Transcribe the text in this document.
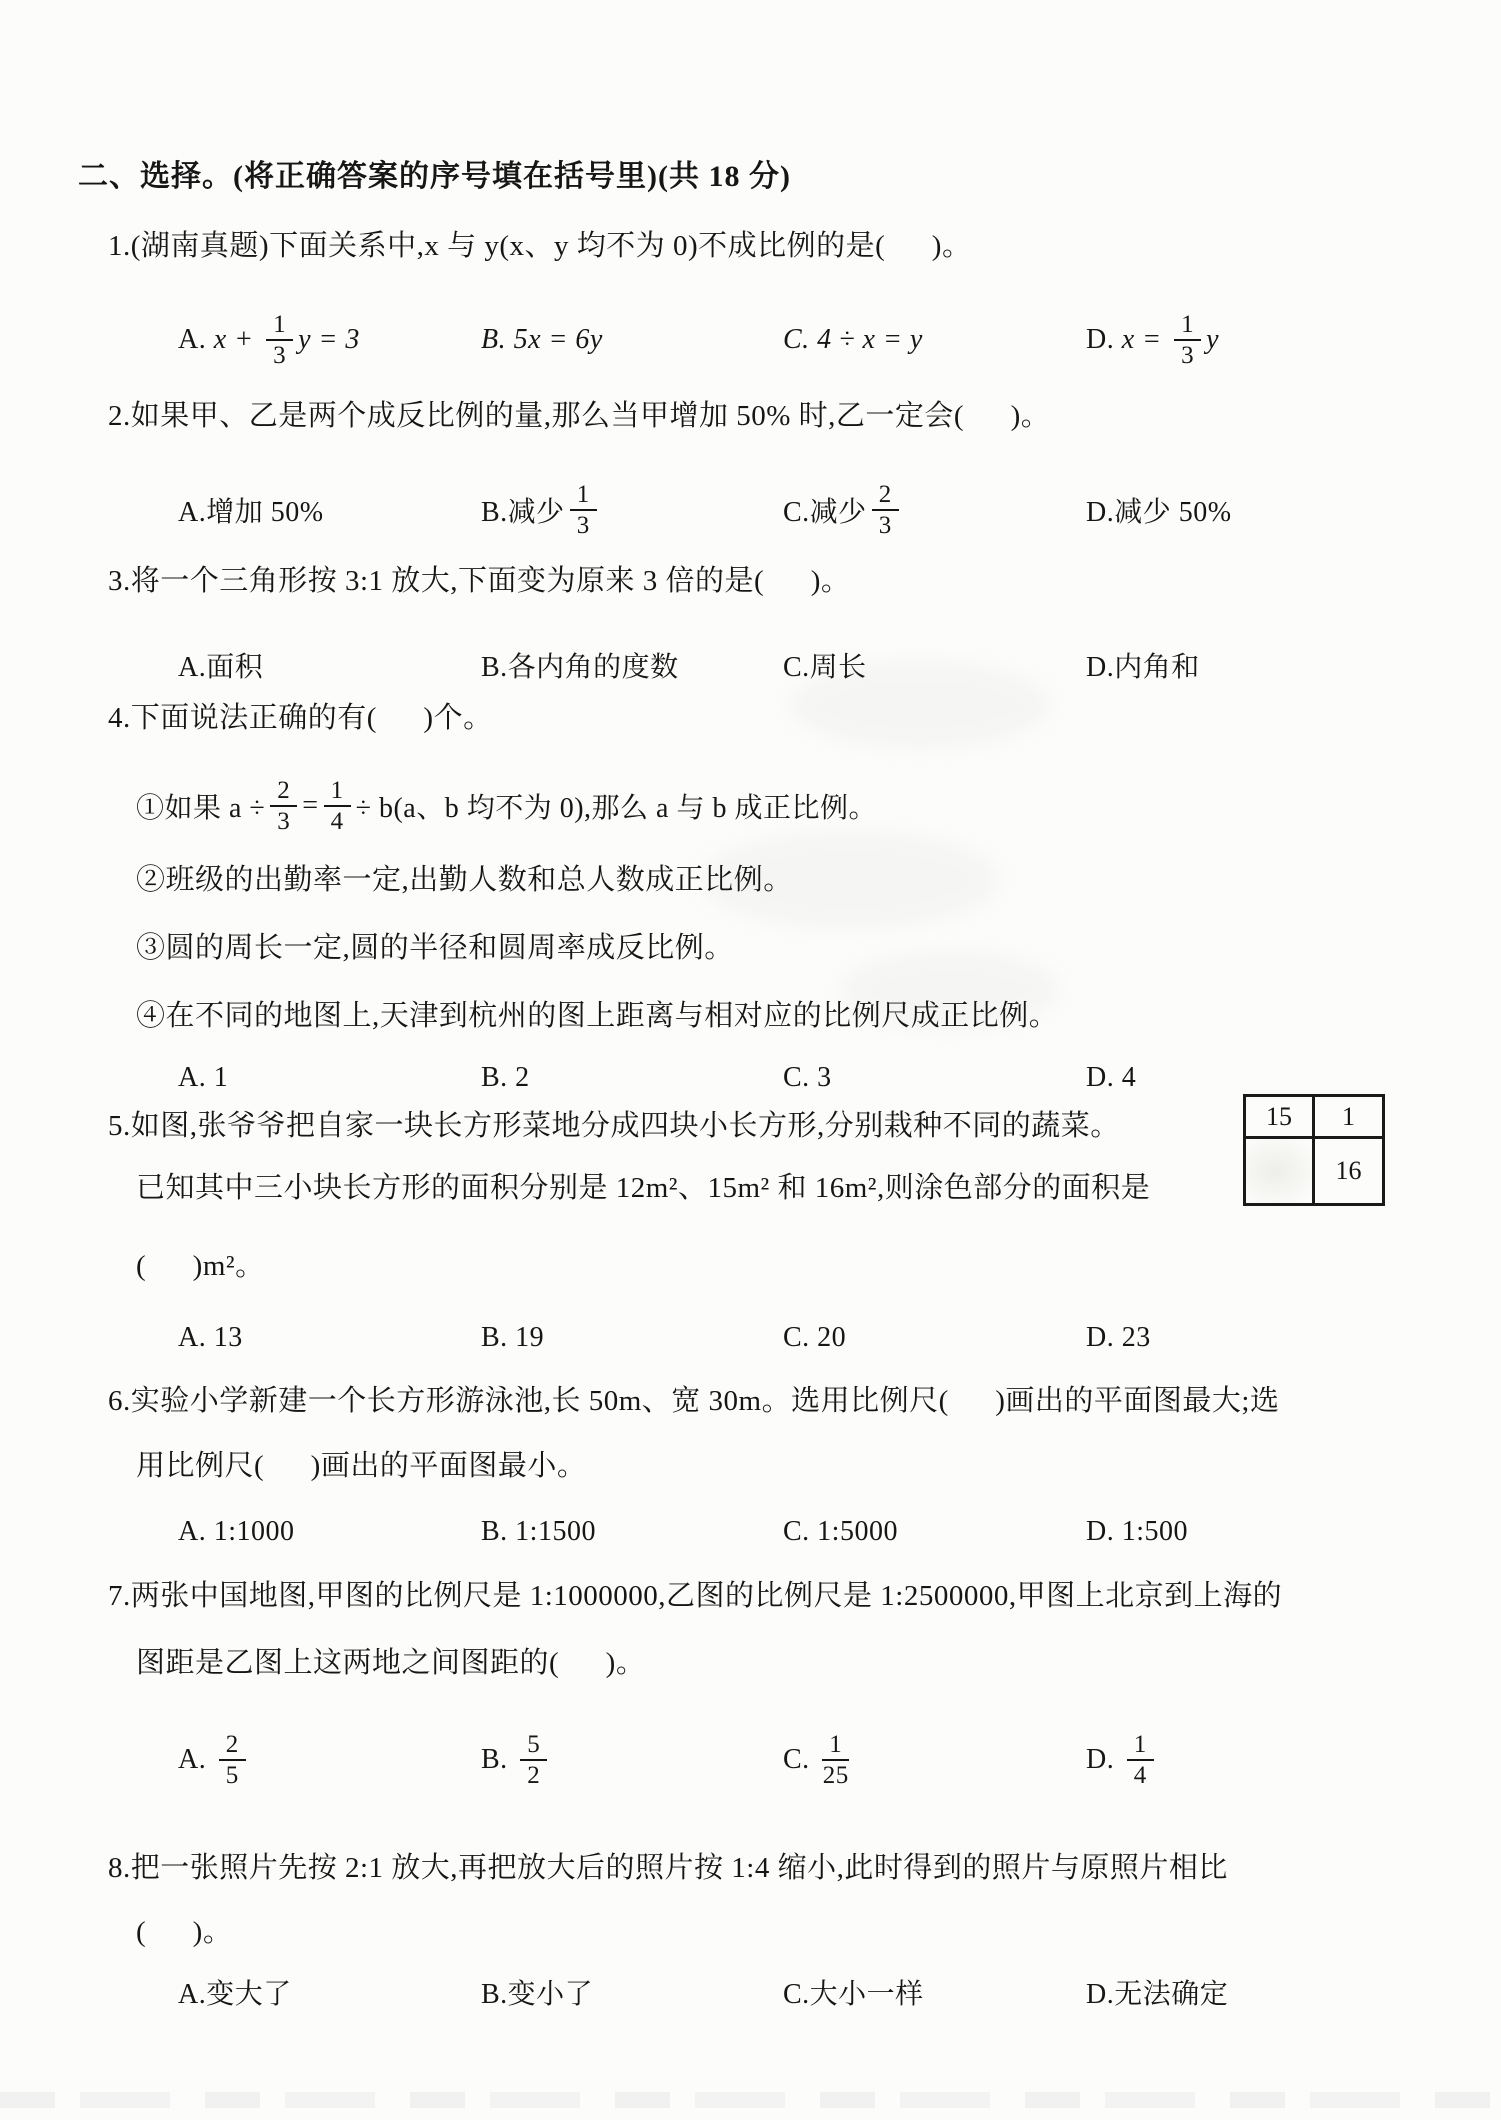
二、选择。(将正确答案的序号填在括号里)(共 18 分)
1.(湖南真题)下面关系中,x 与 y(x、y 均不为 0)不成比例的是(      )。
A. $x + \frac{1}{3}$ y = 3	B. 5x = 6y	C. 4 ÷ x = y	D. $x = \frac{1}{3}$ y
2.如果甲、乙是两个成反比例的量,那么当甲增加 50% 时,乙一定会(      )。
A.增加 50%	B.减少 $\frac{1}{3}$	C.减少 $\frac{2}{3}$	D.减少 50%
3.将一个三角形按 3:1 放大,下面变为原来 3 倍的是(      )。
A.面积	B.各内角的度数	C.周长	D.内角和
4.下面说法正确的有(      )个。
①如果 $a \div \frac{2}{3} = \frac{1}{4} \div b(a$、b 均不为 0),那么 a 与 b 成正比例。
②班级的出勤率一定,出勤人数和总人数成正比例。
③圆的周长一定,圆的半径和圆周率成反比例。
④在不同的地图上,天津到杭州的图上距离与相对应的比例尺成正比例。
A. 1	B. 2	C. 3	D. 4
5.如图,张爷爷把自家一块长方形菜地分成四块小长方形,分别栽种不同的蔬菜。
已知其中三小块长方形的面积分别是 12m²、15m² 和 16m²,则涂色部分的面积是
(      )m²。
15	1
16
A. 13	B. 19	C. 20	D. 23
6.实验小学新建一个长方形游泳池,长 50m、宽 30m。选用比例尺(      )画出的平面图最大;选
用比例尺(      )画出的平面图最小。
A. 1:1000	B. 1:1500	C. 1:5000	D. 1:500
7.两张中国地图,甲图的比例尺是 1:1000000,乙图的比例尺是 1:2500000,甲图上北京到上海的
图距是乙图上这两地之间图距的(      )。
A. $\frac{2}{5}$	B. $\frac{5}{2}$	C. $\frac{1}{25}$	D. $\frac{1}{4}$
8.把一张照片先按 2:1 放大,再把放大后的照片按 1:4 缩小,此时得到的照片与原照片相比
(      )。
A.变大了	B.变小了	C.大小一样	D.无法确定
